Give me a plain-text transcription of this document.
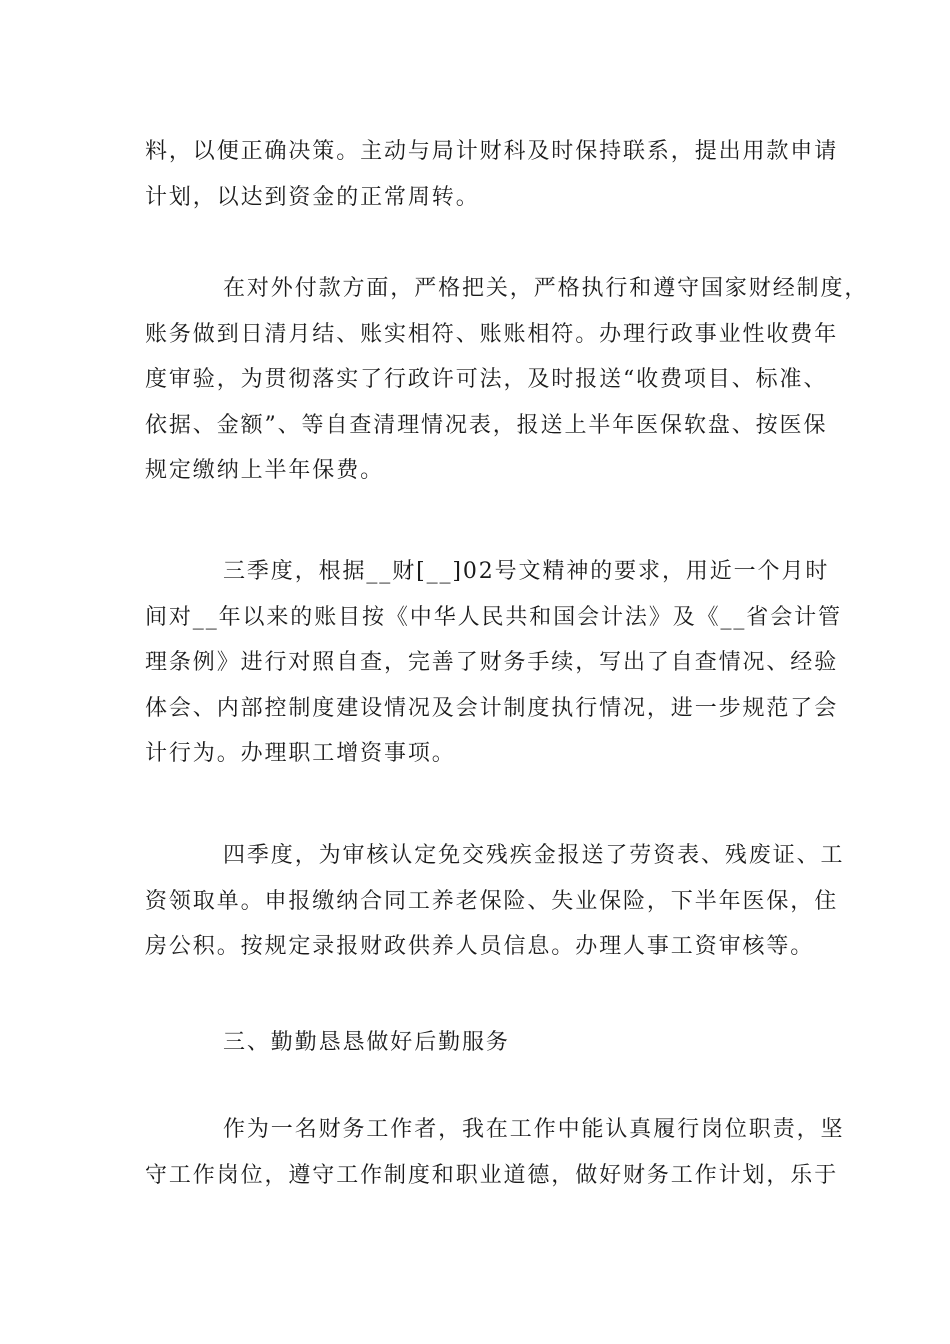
料，以便正确决策。主动与局计财科及时保持联系，提出用款申请
计划，以达到资金的正常周转。
在对外付款方面，严格把关，严格执行和遵守国家财经制度，
账务做到日清月结、账实相符、账账相符。办理行政事业性收费年
度审验，为贯彻落实了行政许可法，及时报送“收费项目、标准、
依据、金额”、等自查清理情况表，报送上半年医保软盘、按医保
规定缴纳上半年保费。
三季度，根据__财[__]02号文精神的要求，用近一个月时
间对__年以来的账目按《中华人民共和国会计法》及《__省会计管
理条例》进行对照自查，完善了财务手续，写出了自查情况、经验
体会、内部控制度建设情况及会计制度执行情况，进一步规范了会
计行为。办理职工增资事项。
四季度，为审核认定免交残疾金报送了劳资表、残废证、工
资领取单。申报缴纳合同工养老保险、失业保险，下半年医保，住
房公积。按规定录报财政供养人员信息。办理人事工资审核等。
三、勤勤恳恳做好后勤服务
作为一名财务工作者，我在工作中能认真履行岗位职责，坚
守工作岗位，遵守工作制度和职业道德，做好财务工作计划，乐于
